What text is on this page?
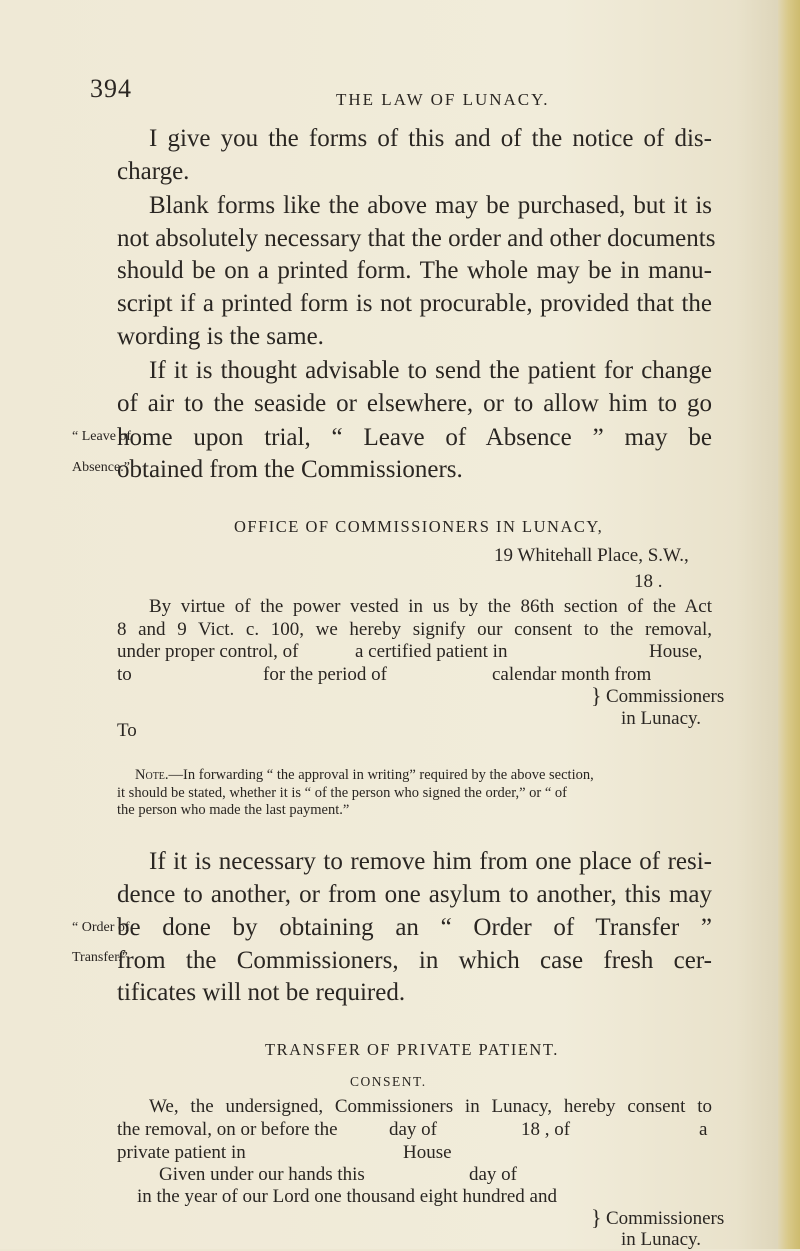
394	THE LAW OF LUNACY.
I give you the forms of this and of the notice of dis-
charge.
Blank forms like the above may be purchased, but it is
not absolutely necessary that the order and other documents
should be on a printed form. The whole may be in manu-
script if a printed form is not procurable, provided that the
wording is the same.
If it is thought advisable to send the patient for change
of air to the seaside or elsewhere, or to allow him to go
home upon trial, “ Leave of Absence ” may be
obtained from the Commissioners.
“ Leave of
Absence.”
OFFICE OF COMMISSIONERS IN LUNACY,
19 Whitehall Place, S.W.,
18 .
By virtue of the power vested in us by the 86th section of the Act
8 and 9 Vict. c. 100, we hereby signify our consent to the removal,
under proper control, of	a certified patient in	House,
to	for the period of	calendar month from
} Commissioners
in Lunacy.
To
Note.—In forwarding “ the approval in writing” required by the above section,
it should be stated, whether it is “ of the person who signed the order,” or “ of
the person who made the last payment.”
If it is necessary to remove him from one place of resi-
dence to another, or from one asylum to another, this may
be done by obtaining an “ Order of Transfer ”
from the Commissioners, in which case fresh cer-
tificates will not be required.
“ Order of
Transfer.”
TRANSFER OF PRIVATE PATIENT.
CONSENT.
We, the undersigned, Commissioners in Lunacy, hereby consent to
the removal, on or before the	day of	18 , of	a
private patient in	House
Given under our hands this	day of
in the year of our Lord one thousand eight hundred and
} Commissioners
in Lunacy.
